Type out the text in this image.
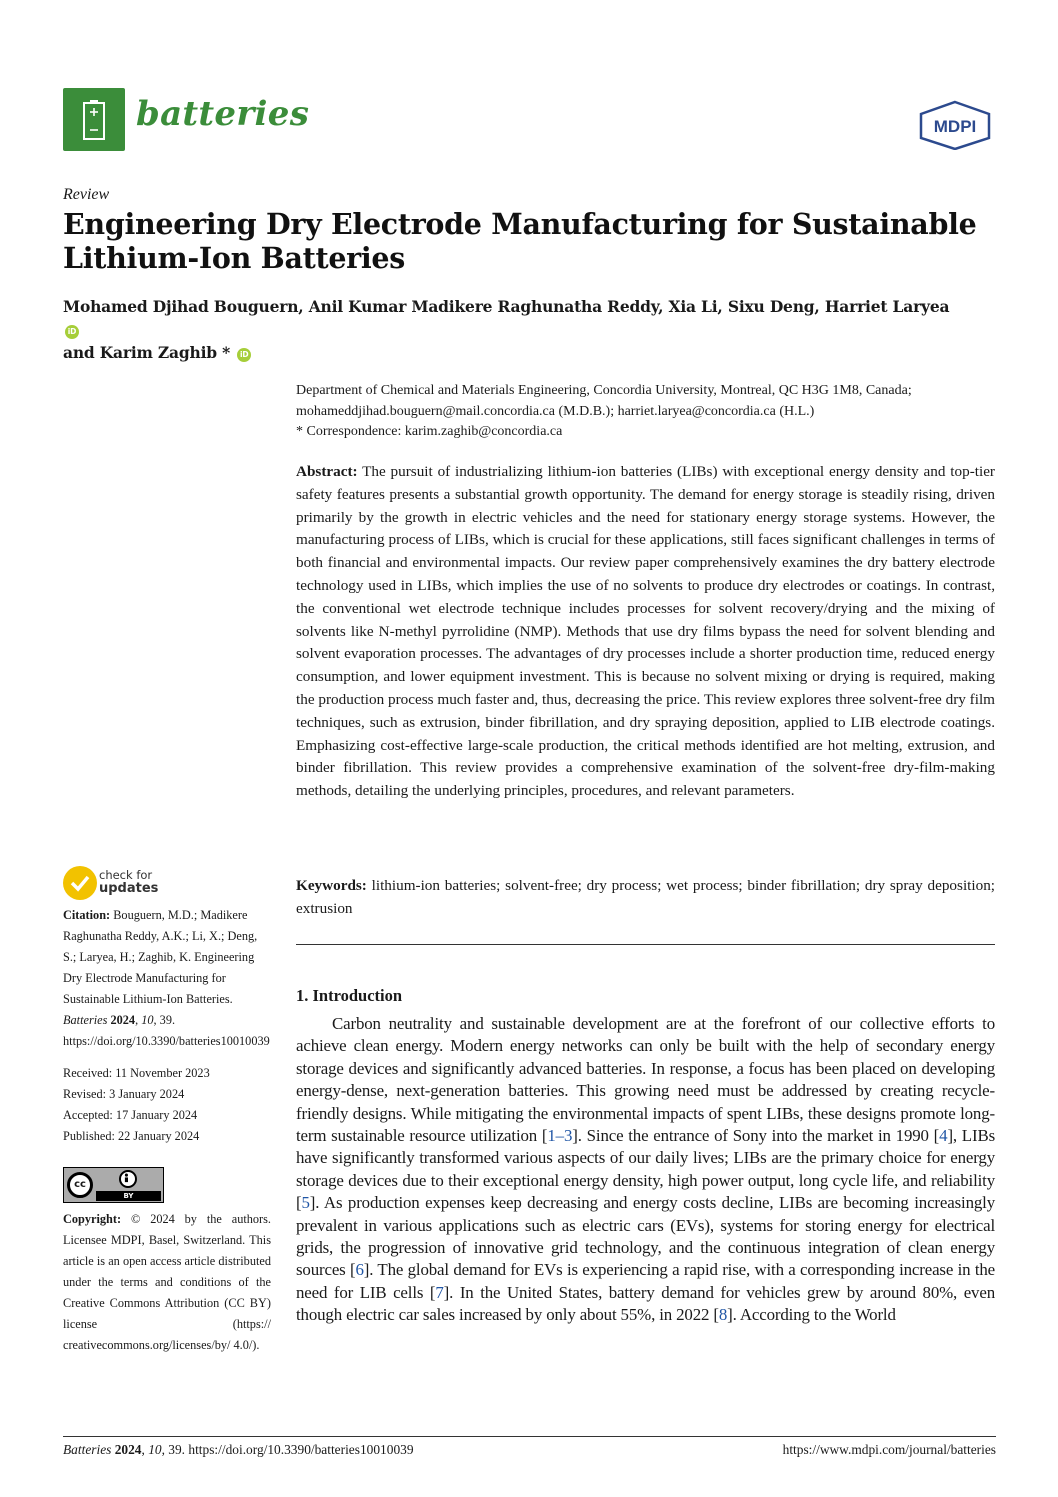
batteries	MDPI
Review
Engineering Dry Electrode Manufacturing for Sustainable Lithium-Ion Batteries
Mohamed Djihad Bouguern, Anil Kumar Madikere Raghunatha Reddy, Xia Li, Sixu Deng, Harriet Laryea iD
and Karim Zaghib * iD
Department of Chemical and Materials Engineering, Concordia University, Montreal, QC H3G 1M8, Canada;
mohameddjihad.bouguern@mail.concordia.ca (M.D.B.); harriet.laryea@concordia.ca (H.L.)
* Correspondence: karim.zaghib@concordia.ca
Abstract: The pursuit of industrializing lithium-ion batteries (LIBs) with exceptional energy density and top-tier safety features presents a substantial growth opportunity. The demand for energy storage is steadily rising, driven primarily by the growth in electric vehicles and the need for stationary energy storage systems. However, the manufacturing process of LIBs, which is crucial for these applications, still faces significant challenges in terms of both financial and environmental impacts. Our review paper comprehensively examines the dry battery electrode technology used in LIBs, which implies the use of no solvents to produce dry electrodes or coatings. In contrast, the conventional wet electrode technique includes processes for solvent recovery/drying and the mixing of solvents like N-methyl pyrrolidine (NMP). Methods that use dry films bypass the need for solvent blending and solvent evaporation processes. The advantages of dry processes include a shorter production time, reduced energy consumption, and lower equipment investment. This is because no solvent mixing or drying is required, making the production process much faster and, thus, decreasing the price. This review explores three solvent-free dry film techniques, such as extrusion, binder fibrillation, and dry spraying deposition, applied to LIB electrode coatings. Emphasizing cost-effective large-scale production, the critical methods identified are hot melting, extrusion, and binder fibrillation. This review provides a comprehensive examination of the solvent-free dry-film-making methods, detailing the underlying principles, procedures, and relevant parameters.
Keywords: lithium-ion batteries; solvent-free; dry process; wet process; binder fibrillation; dry spray deposition; extrusion
1. Introduction

Carbon neutrality and sustainable development are at the forefront of our collective efforts to achieve clean energy. Modern energy networks can only be built with the help of secondary energy storage devices and significantly advanced batteries. In response, a focus has been placed on developing energy-dense, next-generation batteries. This growing need must be addressed by creating recycle-friendly designs. While mitigating the environmental impacts of spent LIBs, these designs promote long-term sustainable resource utilization [1–3]. Since the entrance of Sony into the market in 1990 [4], LIBs have significantly transformed various aspects of our daily lives; LIBs are the primary choice for energy storage devices due to their exceptional energy density, high power output, long cycle life, and reliability [5]. As production expenses keep decreasing and energy costs decline, LIBs are becoming increasingly prevalent in various applications such as electric cars (EVs), systems for storing energy for electrical grids, the progression of innovative grid technology, and the continuous integration of clean energy sources [6]. The global demand for EVs is experiencing a rapid rise, with a corresponding increase in the need for LIB cells [7]. In the United States, battery demand for vehicles grew by around 80%, even though electric car sales increased by only about 55%, in 2022 [8]. According to the World

check for
updates
Citation: Bouguern, M.D.; Madikere Raghunatha Reddy, A.K.; Li, X.; Deng, S.; Laryea, H.; Zaghib, K. Engineering Dry Electrode Manufacturing for Sustainable Lithium-Ion Batteries. Batteries 2024, 10, 39. https://doi.org/10.3390/batteries10010039
Received: 11 November 2023
Revised: 3 January 2024
Accepted: 17 January 2024
Published: 22 January 2024
cc
BY
Copyright: © 2024 by the authors. Licensee MDPI, Basel, Switzerland. This article is an open access article distributed under the terms and conditions of the Creative Commons Attribution (CC BY) license (https:// creativecommons.org/licenses/by/ 4.0/).
Batteries 2024, 10, 39. https://doi.org/10.3390/batteries10010039	https://www.mdpi.com/journal/batteries
